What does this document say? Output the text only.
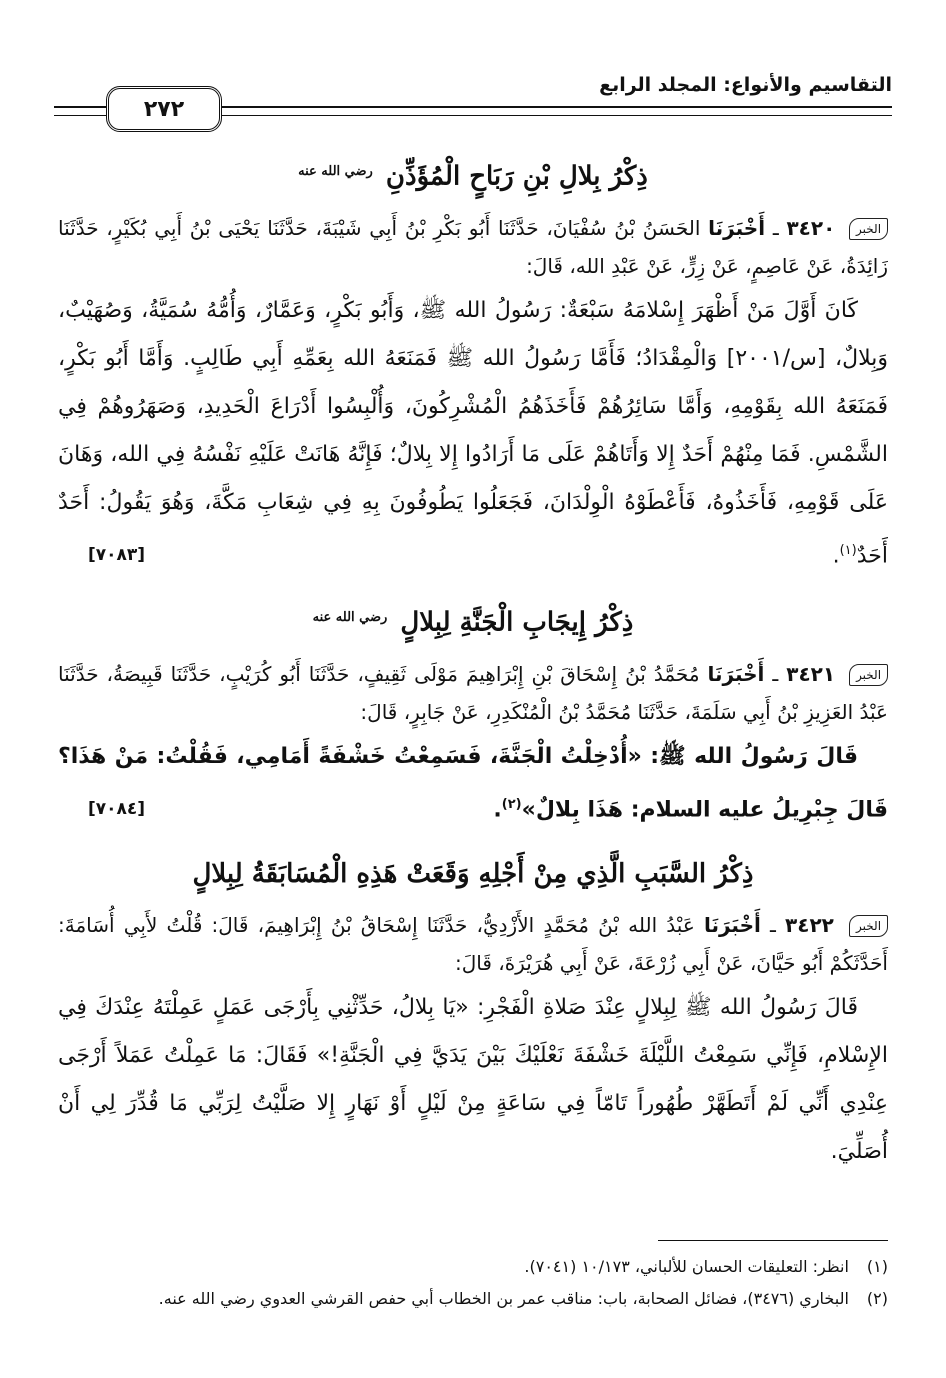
التقاسيم والأنواع: المجلد الرابع
٢٧٢
ذِكْرُ بِلالِ بْنِ رَبَاحٍ الْمُؤَذِّنِ $^{رضي الله عنه}$

الخبر ٣٤٢٠ ـ أَخْبَرَنَا الحَسَنُ بْنُ سُفْيَانَ، حَدَّثَنَا أَبُو بَكْرِ بْنُ أَبِي شَيْبَةَ، حَدَّثَنَا يَحْيَى بْنُ أَبِي بُكَيْرٍ، حَدَّثَنَا زَائِدَةُ، عَنْ عَاصِمٍ، عَنْ زِرٍّ، عَنْ عَبْدِ الله، قَالَ:

كَانَ أَوَّلَ مَنْ أَظْهَرَ إِسْلامَهُ سَبْعَةٌ: رَسُولُ الله ﷺ، وَأَبُو بَكْرٍ، وَعَمَّارٌ، وَأُمُّهُ سُمَيَّةُ، وَصُهَيْبٌ، وَبِلالٌ، [س/٢٠٠١] وَالْمِقْدَادُ؛ فَأَمَّا رَسُولُ الله ﷺ فَمَنَعَهُ الله بِعَمِّهِ أَبِي طَالِبٍ. وَأَمَّا أَبُو بَكْرٍ، فَمَنَعَهُ الله بِقَوْمِهِ، وَأَمَّا سَائِرُهُمْ فَأَخَذَهُمُ الْمُشْرِكُونَ، وَأُلْبِسُوا أَدْرَاعَ الْحَدِيدِ، وَصَهَرُوهُمْ فِي الشَّمْسِ. فَمَا مِنْهُمْ أَحَدٌ إِلا وَأَتَاهُمْ عَلَى مَا أَرَادُوا إِلا بِلالٌ؛ فَإِنَّهُ هَانَتْ عَلَيْهِ نَفْسُهُ فِي الله، وَهَانَ عَلَى قَوْمِهِ، فَأَخَذُوهُ، فَأَعْطَوْهُ الْوِلْدَانَ، فَجَعَلُوا يَطُوفُونَ بِهِ فِي شِعَابِ مَكَّةَ، وَهُوَ يَقُولُ: أَحَدٌ أَحَدٌ$^{(١)}$.
[٧٠٨٣]

ذِكْرُ إِيجَابِ الْجَنَّةِ لِبِلالٍ $^{رضي الله عنه}$

الخبر ٣٤٢١ ـ أَخْبَرَنَا مُحَمَّدُ بْنُ إِسْحَاقَ بْنِ إِبْرَاهِيمَ مَوْلَى ثَقِيفٍ، حَدَّثَنَا أَبُو كُرَيْبٍ، حَدَّثَنَا قَبِيصَةُ، حَدَّثَنَا عَبْدُ العَزِيزِ بْنُ أَبِي سَلَمَةَ، حَدَّثَنَا مُحَمَّدُ بْنُ الْمُنْكَدِرِ، عَنْ جَابِرٍ، قَالَ:

قَالَ رَسُولُ الله ﷺ: «أُدْخِلْتُ الْجَنَّةَ، فَسَمِعْتُ خَشْفَةً أَمَامِي، فَقُلْتُ: مَنْ هَذَا؟ قَالَ جِبْرِيلُ عليه السلام: هَذَا بِلالٌ»$^{(٢)}$.
[٧٠٨٤]

ذِكْرُ السَّبَبِ الَّذِي مِنْ أَجْلِهِ وَقَعَتْ هَذِهِ الْمُسَابَقَةُ لِبِلالٍ

الخبر ٣٤٢٢ ـ أَخْبَرَنَا عَبْدُ الله بْنُ مُحَمَّدٍ الأَزْدِيُّ، حَدَّثَنَا إِسْحَاقُ بْنُ إِبْرَاهِيمَ، قَالَ: قُلْتُ لأَبِي أُسَامَةَ: أَحَدَّثَكُمْ أَبُو حَيَّانَ، عَنْ أَبِي زُرْعَةَ، عَنْ أَبِي هُرَيْرَةَ، قَالَ:

قَالَ رَسُولُ الله ﷺ لِبِلالٍ عِنْدَ صَلاةِ الْفَجْرِ: «يَا بِلالُ، حَدِّثْنِي بِأَرْجَى عَمَلٍ عَمِلْتَهُ عِنْدَكَ فِي الإِسْلامِ، فَإِنِّي سَمِعْتُ اللَّيْلَةَ خَشْفَةَ نَعْلَيْكَ بَيْنَ يَدَيَّ فِي الْجَنَّةِ!» فَقَالَ: مَا عَمِلْتُ عَمَلاً أَرْجَى عِنْدِي أَنِّي لَمْ أَتَطَهَّرْ طُهُوراً تَامّاً فِي سَاعَةٍ مِنْ لَيْلٍ أَوْ نَهَارٍ إِلا صَلَّيْتُ لِرَبِّي مَا قُدِّرَ لِي أَنْ أُصَلِّيَ.

(١) انظر: التعليقات الحسان للألباني، ١٠/١٧٣ (٧٠٤١).

(٢) البخاري (٣٤٧٦)، فضائل الصحابة، باب: مناقب عمر بن الخطاب أبي حفص القرشي العدوي رضي الله عنه.
